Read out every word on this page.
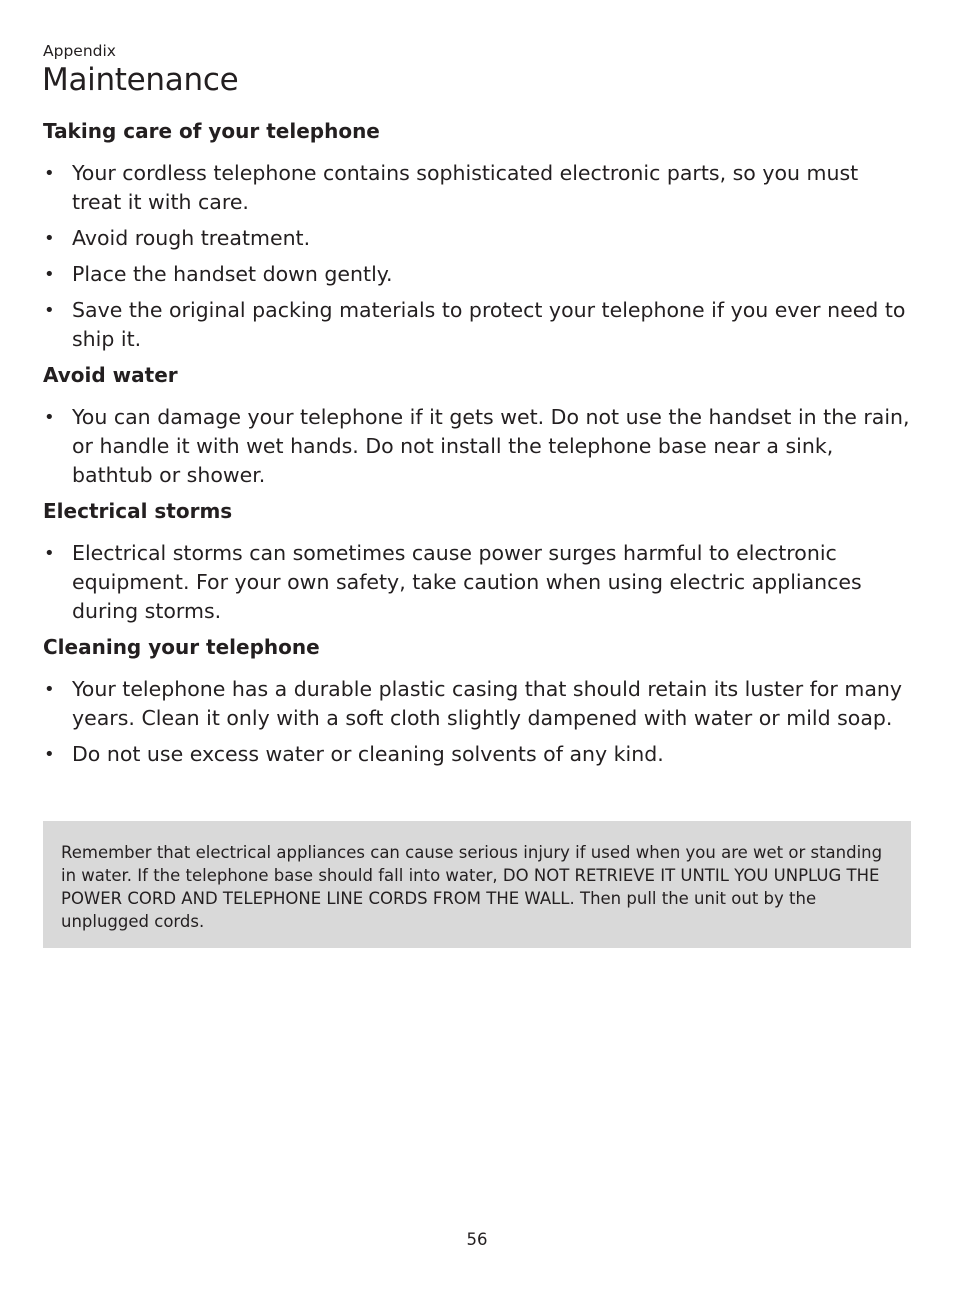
Appendix
Maintenance
Taking care of your telephone
• Your cordless telephone contains sophisticated electronic parts, so you must treat it with care.
• Avoid rough treatment.
• Place the handset down gently.
• Save the original packing materials to protect your telephone if you ever need to ship it.
Avoid water
• You can damage your telephone if it gets wet. Do not use the handset in the rain, or handle it with wet hands. Do not install the telephone base near a sink, bathtub or shower.
Electrical storms
• Electrical storms can sometimes cause power surges harmful to electronic equipment. For your own safety, take caution when using electric appliances during storms.
Cleaning your telephone
• Your telephone has a durable plastic casing that should retain its luster for many years. Clean it only with a soft cloth slightly dampened with water or mild soap.
• Do not use excess water or cleaning solvents of any kind.
Remember that electrical appliances can cause serious injury if used when you are wet or standing in water. If the telephone base should fall into water, DO NOT RETRIEVE IT UNTIL YOU UNPLUG THE POWER CORD AND TELEPHONE LINE CORDS FROM THE WALL. Then pull the unit out by the unplugged cords.
56
